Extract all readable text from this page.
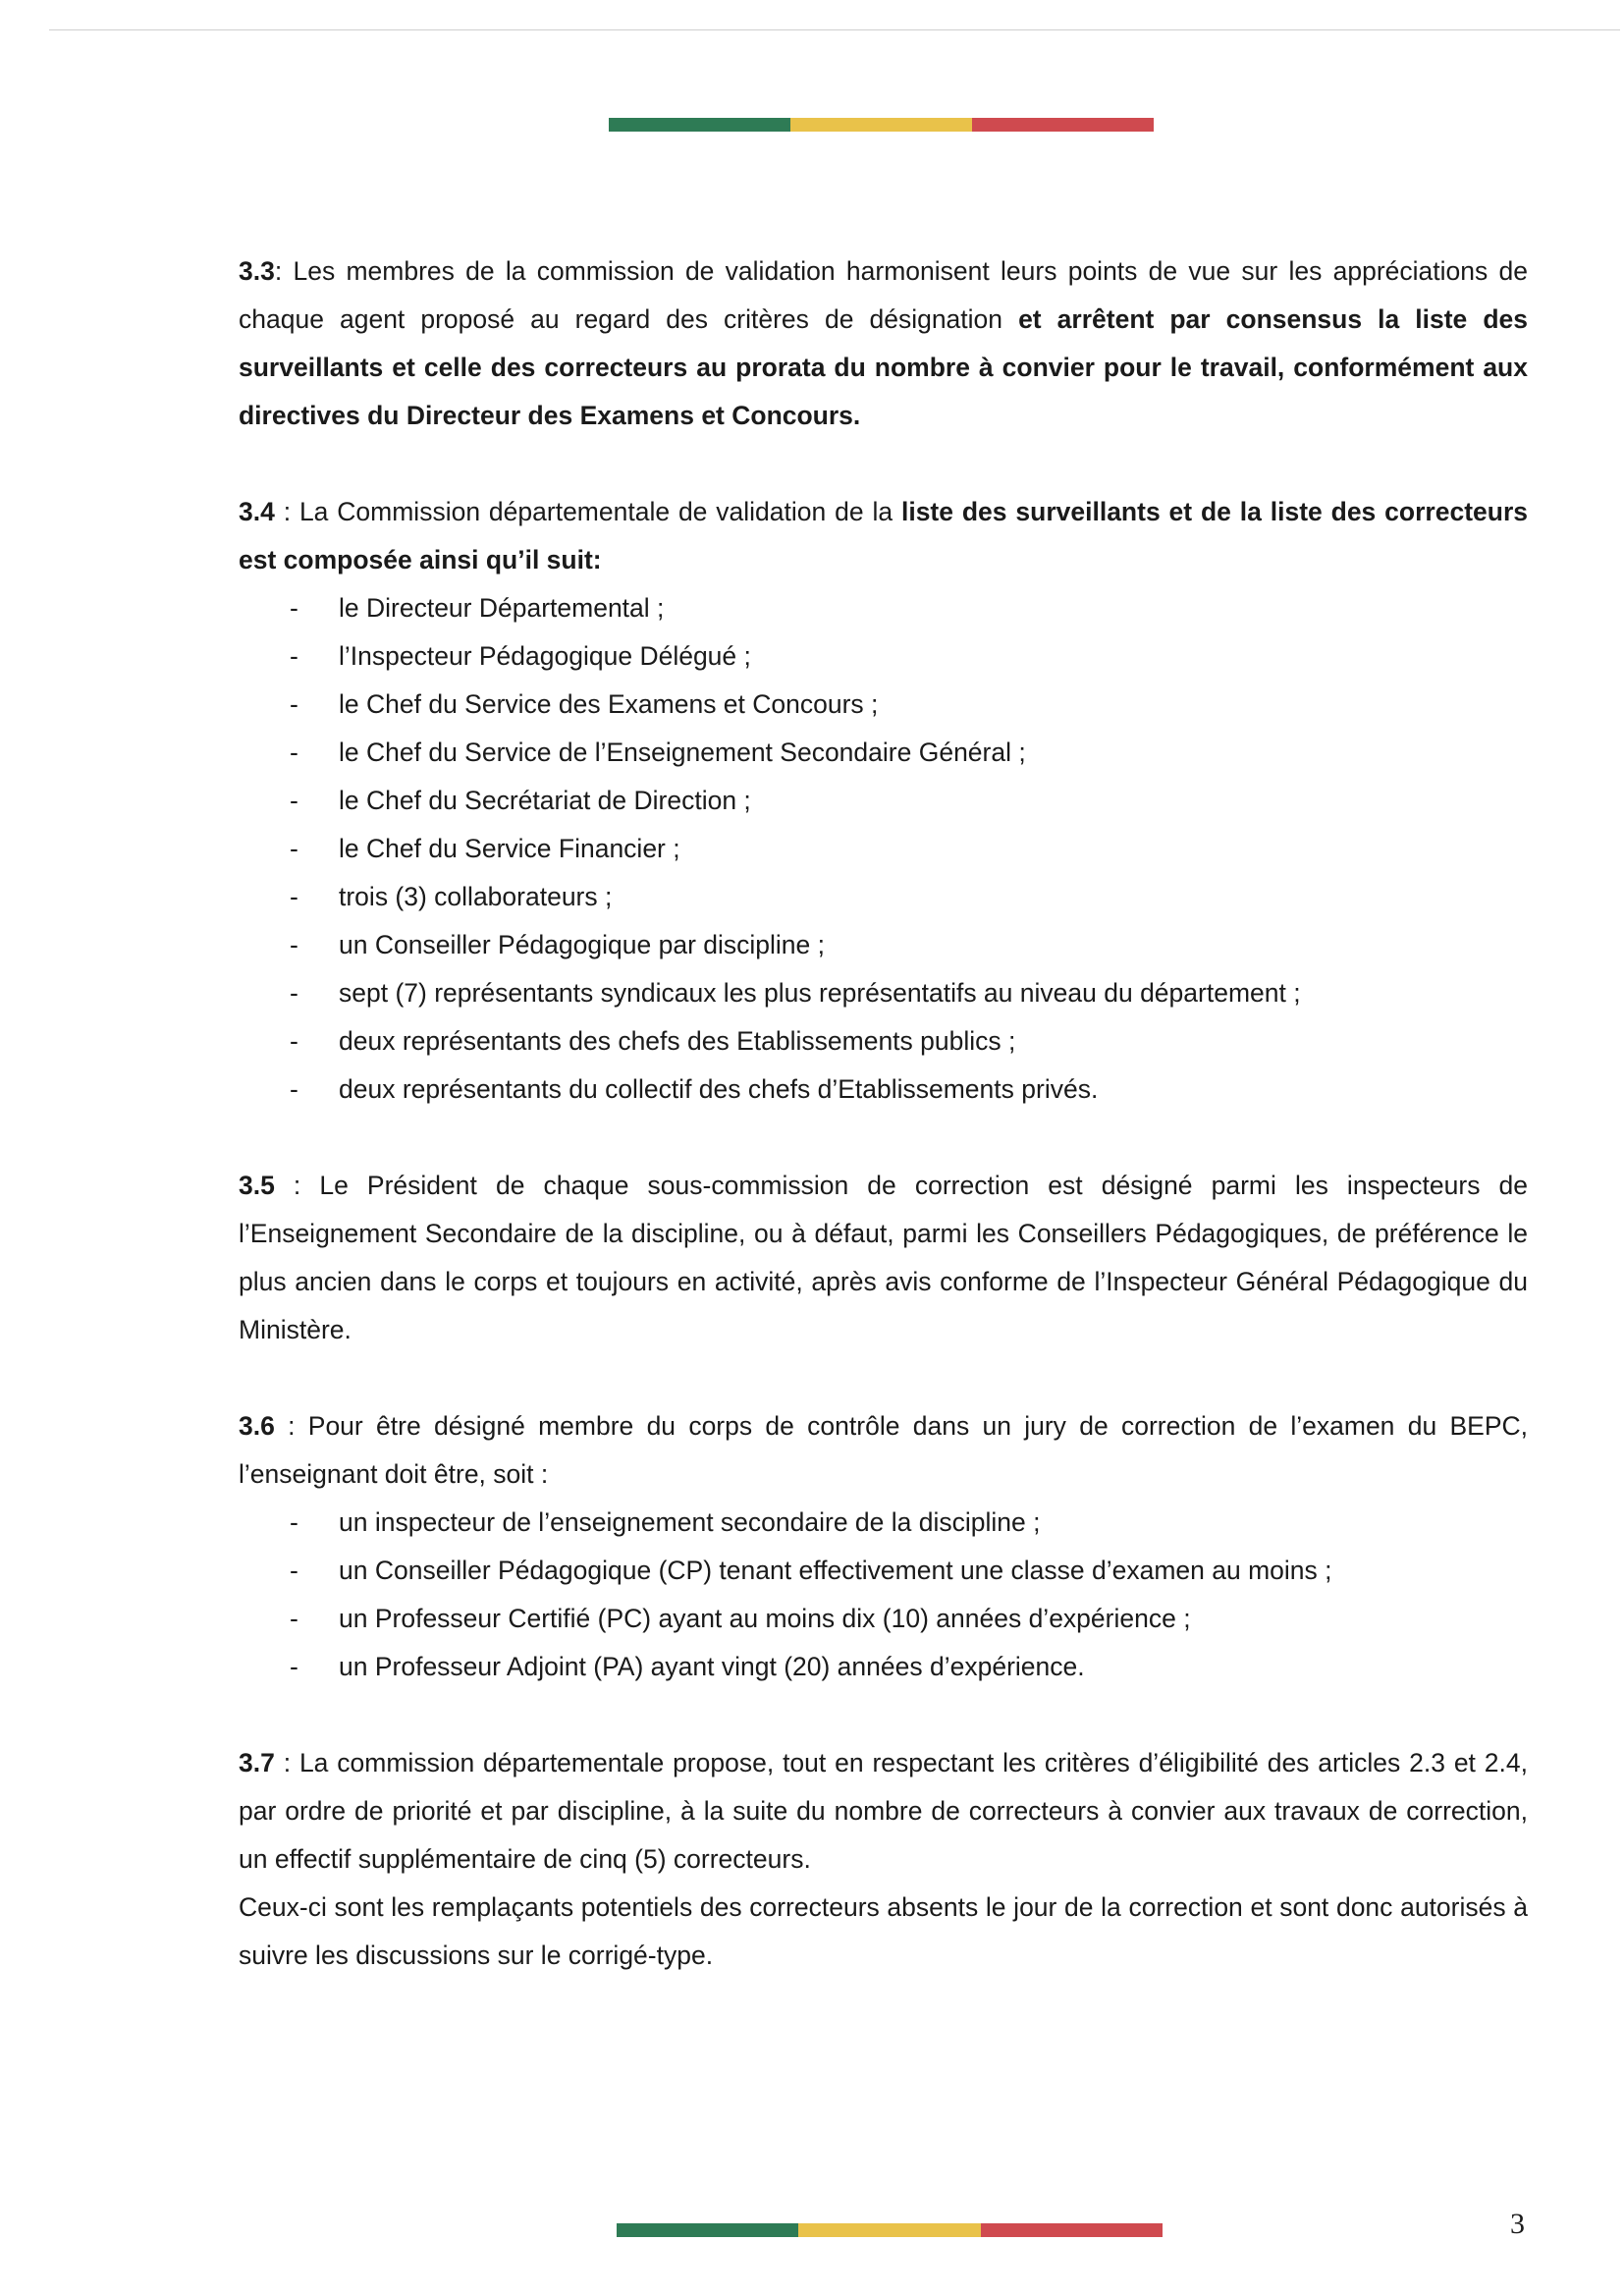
3.3: Les membres de la commission de validation harmonisent leurs points de vue sur les appréciations de chaque agent proposé au regard des critères de désignation et arrêtent par consensus la liste des surveillants et celle des correcteurs au prorata du nombre à convier pour le travail, conformément aux directives du Directeur des Examens et Concours.

3.4 : La Commission départementale de validation de la liste des surveillants et de la liste des correcteurs est composée ainsi qu’il suit:

- le Directeur Départemental ;
- l’Inspecteur Pédagogique Délégué ;
- le Chef du Service des Examens et Concours ;
- le Chef du Service de l’Enseignement Secondaire Général ;
- le Chef du Secrétariat de Direction ;
- le Chef du Service Financier ;
- trois (3) collaborateurs ;
- un Conseiller Pédagogique par discipline ;
- sept (7) représentants syndicaux les plus représentatifs au niveau du département ;
- deux représentants des chefs des Etablissements publics ;
- deux représentants du collectif des chefs d’Etablissements privés.

3.5 : Le Président de chaque sous-commission de correction est désigné parmi les inspecteurs de l’Enseignement Secondaire de la discipline, ou à défaut, parmi les Conseillers Pédagogiques, de préférence le plus ancien dans le corps et toujours en activité, après avis conforme de l’Inspecteur Général Pédagogique du Ministère.

3.6 : Pour être désigné membre du corps de contrôle dans un jury de correction de l’examen du BEPC, l’enseignant doit être, soit :

- un inspecteur de l’enseignement secondaire de la discipline ;
- un Conseiller Pédagogique (CP) tenant effectivement une classe d’examen au moins ;
- un Professeur Certifié (PC) ayant au moins dix (10) années d’expérience ;
- un Professeur Adjoint (PA) ayant vingt (20) années d’expérience.

3.7 : La commission départementale propose, tout en respectant les critères d’éligibilité des articles 2.3 et 2.4, par ordre de priorité et par discipline, à la suite du nombre de correcteurs à convier aux travaux de correction, un effectif supplémentaire de cinq (5) correcteurs.

Ceux-ci sont les remplaçants potentiels des correcteurs absents le jour de la correction et sont donc autorisés à suivre les discussions sur le corrigé-type.

3
